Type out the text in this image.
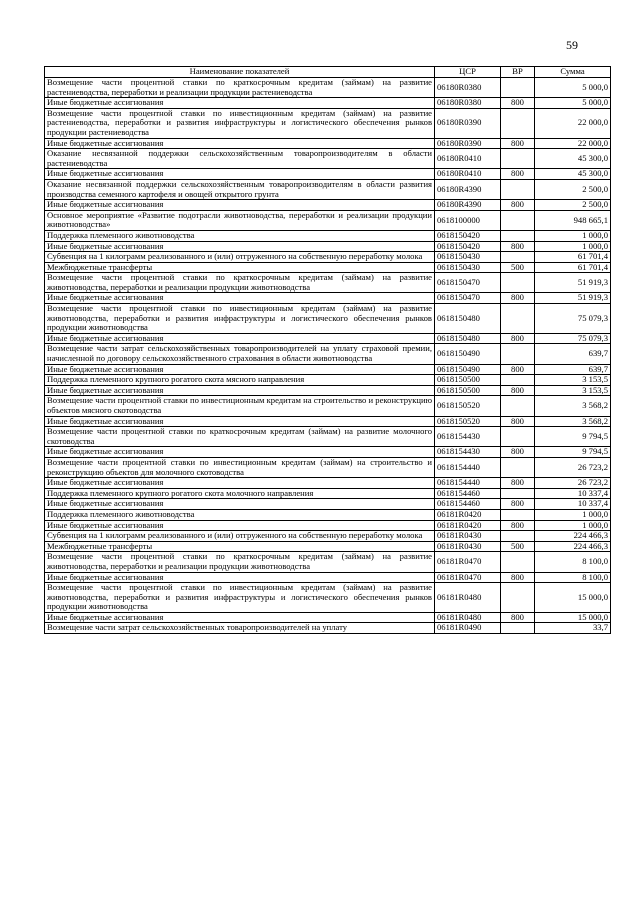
59
Наименование показателей	ЦСР	ВР	Сумма
Возмещение части процентной ставки по краткосрочным кредитам (займам) на развитие растениеводства, переработки и реализации продукции растениеводства	06180R0380		5 000,0
Иные бюджетные ассигнования	06180R0380	800	5 000,0
Возмещение части процентной ставки по инвестиционным кредитам (займам) на развитие растениеводства, переработки и развития инфраструктуры и логистического обеспечения рынков продукции растениеводства	06180R0390		22 000,0
Иные бюджетные ассигнования	06180R0390	800	22 000,0
Оказание несвязанной поддержки сельскохозяйственным товаропроизводителям в области растениеводства	06180R0410		45 300,0
Иные бюджетные ассигнования	06180R0410	800	45 300,0
Оказание несвязанной поддержки сельскохозяйственным товаропроизводителям в области развития производства семенного картофеля и овощей открытого грунта	06180R4390		2 500,0
Иные бюджетные ассигнования	06180R4390	800	2 500,0
Основное мероприятие «Развитие подотрасли животноводства, переработки и реализации продукции животноводства»	0618100000		948 665,1
Поддержка племенного животноводства	0618150420		1 000,0
Иные бюджетные ассигнования	0618150420	800	1 000,0
Субвенция на 1 килограмм реализованного и (или) отгруженного на собственную переработку молока	0618150430		61 701,4
Межбюджетные трансферты	0618150430	500	61 701,4
Возмещение части процентной ставки по краткосрочным кредитам (займам) на развитие животноводства, переработки и реализации продукции животноводства	0618150470		51 919,3
Иные бюджетные ассигнования	0618150470	800	51 919,3
Возмещение части процентной ставки по инвестиционным кредитам (займам) на развитие животноводства, переработки и развития инфраструктуры и логистического обеспечения рынков продукции животноводства	0618150480		75 079,3
Иные бюджетные ассигнования	0618150480	800	75 079,3
Возмещение части затрат сельскохозяйственных товаропроизводителей на уплату страховой премии, начисленной по договору сельскохозяйственного страхования в области животноводства	0618150490		639,7
Иные бюджетные ассигнования	0618150490	800	639,7
Поддержка племенного крупного рогатого скота мясного направления	0618150500		3 153,5
Иные бюджетные ассигнования	0618150500	800	3 153,5
Возмещение части процентной ставки по инвестиционным кредитам на строительство и реконструкцию объектов мясного скотоводства	0618150520		3 568,2
Иные бюджетные ассигнования	0618150520	800	3 568,2
Возмещение части процентной ставки по краткосрочным кредитам (займам) на развитие молочного скотоводства	0618154430		9 794,5
Иные бюджетные ассигнования	0618154430	800	9 794,5
Возмещение части процентной ставки по инвестиционным кредитам (займам) на строительство и реконструкцию объектов для молочного скотоводства	0618154440		26 723,2
Иные бюджетные ассигнования	0618154440	800	26 723,2
Поддержка племенного крупного рогатого скота молочного направления	0618154460		10 337,4
Иные бюджетные ассигнования	0618154460	800	10 337,4
Поддержка племенного животноводства	06181R0420		1 000,0
Иные бюджетные ассигнования	06181R0420	800	1 000,0
Субвенция на 1 килограмм реализованного и (или) отгруженного на собственную переработку молока	06181R0430		224 466,3
Межбюджетные трансферты	06181R0430	500	224 466,3
Возмещение части процентной ставки по краткосрочным кредитам (займам) на развитие животноводства, переработки и реализации продукции животноводства	06181R0470		8 100,0
Иные бюджетные ассигнования	06181R0470	800	8 100,0
Возмещение части процентной ставки по инвестиционным кредитам (займам) на развитие животноводства, переработки и развития инфраструктуры и логистического обеспечения рынков продукции животноводства	06181R0480		15 000,0
Иные бюджетные ассигнования	06181R0480	800	15 000,0
Возмещение части затрат сельскохозяйственных товаропроизводителей на уплату	06181R0490		33,7
